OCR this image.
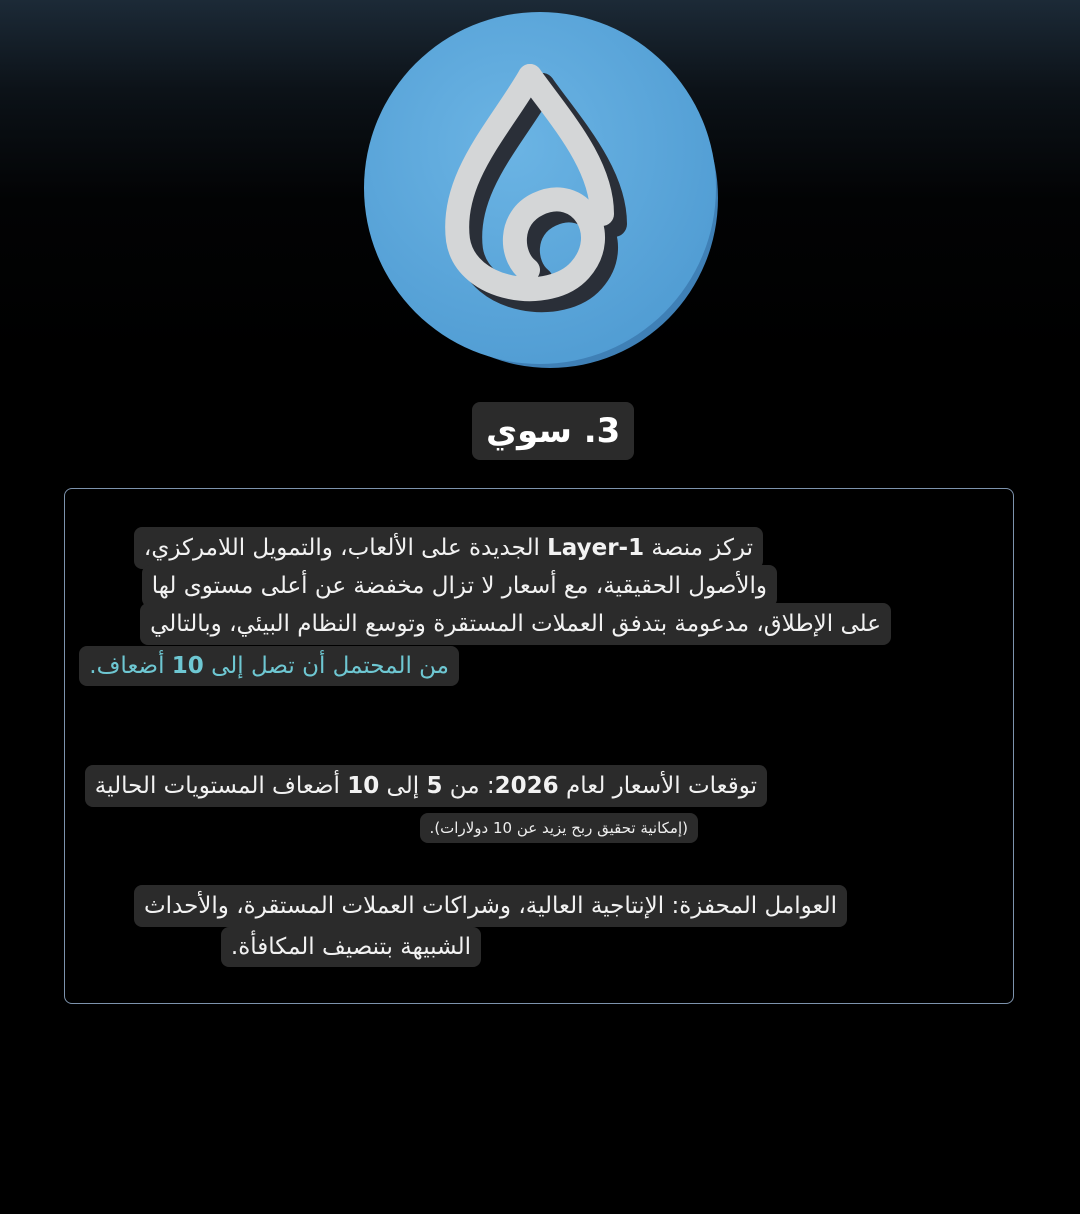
3. سوي
تركز منصة Layer-1 الجديدة على الألعاب، والتمويل اللامركزي،
والأصول الحقيقية، مع أسعار لا تزال مخفضة عن أعلى مستوى لها
على الإطلاق، مدعومة بتدفق العملات المستقرة وتوسع النظام البيئي، وبالتالي
من المحتمل أن تصل إلى 10 أضعاف.
توقعات الأسعار لعام 2026: من 5 إلى 10 أضعاف المستويات الحالية
(إمكانية تحقيق ربح يزيد عن 10 دولارات).
العوامل المحفزة: الإنتاجية العالية، وشراكات العملات المستقرة، والأحداث
الشبيهة بتنصيف المكافأة.
